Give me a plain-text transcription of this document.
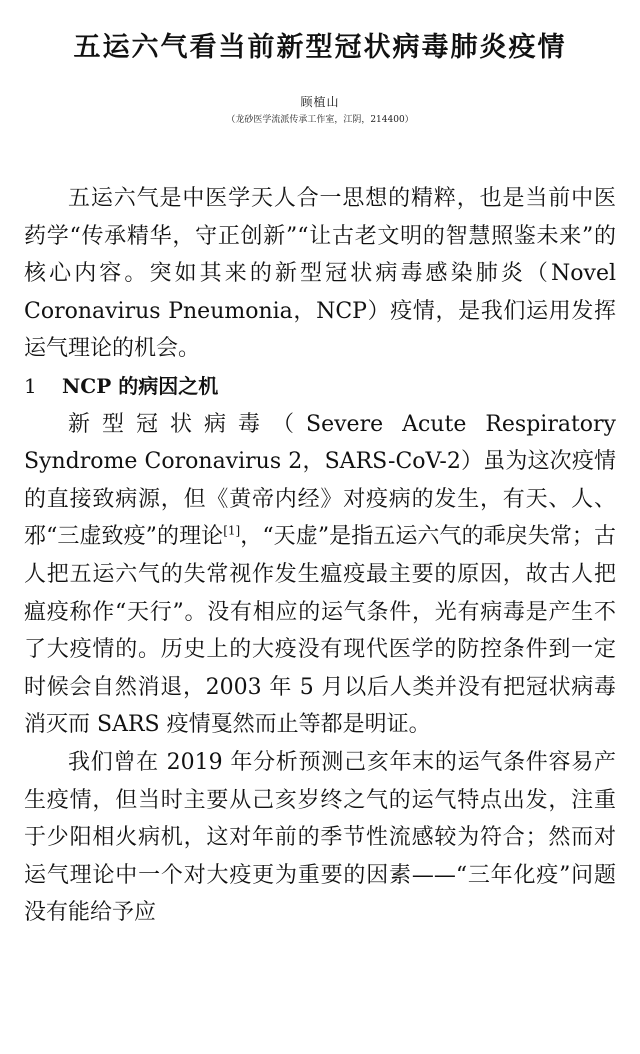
五运六气看当前新型冠状病毒肺炎疫情
顾植山
（龙砂医学流派传承工作室，江阴，214400）

五运六气是中医学天人合一思想的精粹，也是当前中医药学“传承精华，守正创新”“让古老文明的智慧照鉴未来”的核心内容。突如其来的新型冠状病毒感染肺炎（Novel Coronavirus Pneumonia，NCP）疫情，是我们运用发挥运气理论的机会。

1 NCP 的病因之机

新型冠状病毒（Severe Acute Respiratory Syndrome Coronavirus 2，SARS-CoV-2）虽为这次疫情的直接致病源，但《黄帝内经》对疫病的发生，有天、人、邪“三虚致疫”的理论[1]，“天虚”是指五运六气的乖戾失常；古人把五运六气的失常视作发生瘟疫最主要的原因，故古人把瘟疫称作“天行”。没有相应的运气条件，光有病毒是产生不了大疫情的。历史上的大疫没有现代医学的防控条件到一定时候会自然消退，2003 年 5 月以后人类并没有把冠状病毒消灭而 SARS 疫情戛然而止等都是明证。

我们曾在 2019 年分析预测己亥年末的运气条件容易产生疫情，但当时主要从己亥岁终之气的运气特点出发，注重于少阳相火病机，这对年前的季节性流感较为符合；然而对运气理论中一个对大疫更为重要的因素——“三年化疫”问题没有能给予应
